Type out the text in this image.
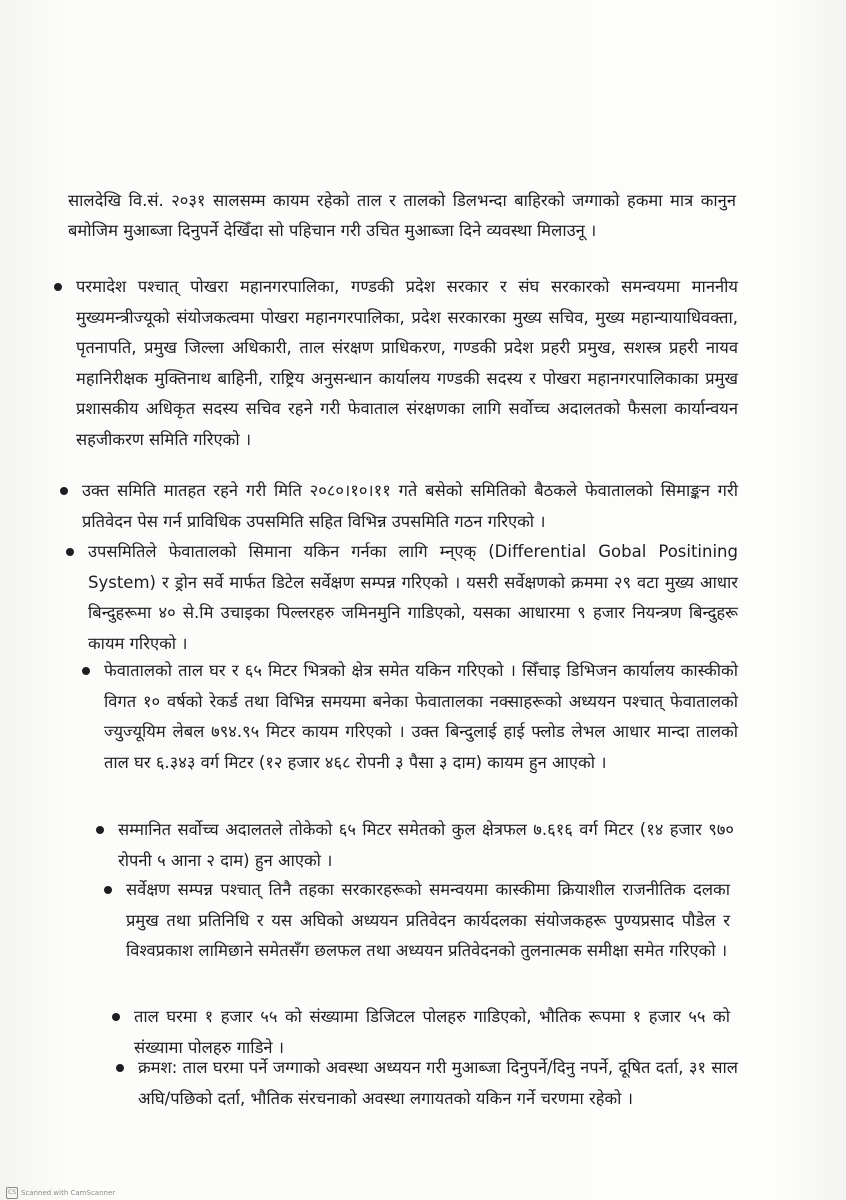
सालदेखि वि.सं. २०३१ सालसम्म कायम रहेको ताल र तालको डिलभन्दा बाहिरको जग्गाको हकमा मात्र कानुन बमोजिम मुआब्जा दिनुपर्ने देखिँदा सो पहिचान गरी उचित मुआब्जा दिने व्यवस्था मिलाउनू ।

परमादेश पश्चात् पोखरा महानगरपालिका, गण्डकी प्रदेश सरकार र संघ सरकारको समन्वयमा माननीय मुख्यमन्त्रीज्यूको संयोजकत्वमा पोखरा महानगरपालिका, प्रदेश सरकारका मुख्य सचिव, मुख्य महान्यायाधिवक्ता, पृतनापति, प्रमुख जिल्ला अधिकारी, ताल संरक्षण प्राधिकरण, गण्डकी प्रदेश प्रहरी प्रमुख, सशस्त्र प्रहरी नायव महानिरीक्षक मुक्तिनाथ बाहिनी, राष्ट्रिय अनुसन्धान कार्यालय गण्डकी सदस्य र पोखरा महानगरपालिकाका प्रमुख प्रशासकीय अधिकृत सदस्य सचिव रहने गरी फेवाताल संरक्षणका लागि सर्वोच्च अदालतको फैसला कार्यान्वयन सहजीकरण समिति गरिएको ।
उक्त समिति मातहत रहने गरी मिति २०८०।१०।११ गते बसेको समितिको बैठकले फेवातालको सिमाङ्कन गरी प्रतिवेदन पेस गर्न प्राविधिक उपसमिति सहित विभिन्न उपसमिति गठन गरिएको ।
उपसमितिले फेवातालको सिमाना यकिन गर्नका लागि म्न्एक् (Differential Gobal Positining System) र ड्रोन सर्वे मार्फत डिटेल सर्वेक्षण सम्पन्न गरिएको । यसरी सर्वेक्षणको क्रममा २९ वटा मुख्य आधार बिन्दुहरूमा ४० से.मि उचाइका पिल्लरहरु जमिनमुनि गाडिएको, यसका आधारमा ९ हजार नियन्त्रण बिन्दुहरू कायम गरिएको ।
फेवातालको ताल घर र ६५ मिटर भित्रको क्षेत्र समेत यकिन गरिएको । सिँचाइ डिभिजन कार्यालय कास्कीको विगत १० वर्षको रेकर्ड तथा विभिन्न समयमा बनेका फेवातालका नक्साहरूको अध्ययन पश्चात् फेवातालको ज्युज्यूयिम लेबल ७९४.९५ मिटर कायम गरिएको । उक्त बिन्दुलाई हाई फ्लोड लेभल आधार मान्दा तालको ताल घर ६.३४३ वर्ग मिटर (१२ हजार ४६८ रोपनी ३ पैसा ३ दाम) कायम हुन आएको ।
सम्मानित सर्वोच्च अदालतले तोकेको ६५ मिटर समेतको कुल क्षेत्रफल ७.६१६ वर्ग मिटर (१४ हजार ९७० रोपनी ५ आना २ दाम) हुन आएको ।
सर्वेक्षण सम्पन्न पश्चात् तिनै तहका सरकारहरूको समन्वयमा कास्कीमा क्रियाशील राजनीतिक दलका प्रमुख तथा प्रतिनिधि र यस अघिको अध्ययन प्रतिवेदन कार्यदलका संयोजकहरू पुण्यप्रसाद पौडेल र विश्वप्रकाश लामिछाने समेतसँग छलफल तथा अध्ययन प्रतिवेदनको तुलनात्मक समीक्षा समेत गरिएको ।
ताल घरमा १ हजार ५५ को संख्यामा डिजिटल पोलहरु गाडिएको, भौतिक रूपमा १ हजार ५५ को संख्यामा पोलहरु गाडिने ।
क्रमश: ताल घरमा पर्ने जग्गाको अवस्था अध्ययन गरी मुआब्जा दिनुपर्ने/दिनु नपर्ने, दूषित दर्ता, ३१ साल अघि/पछिको दर्ता, भौतिक संरचनाको अवस्था लगायतको यकिन गर्ने चरणमा रहेको ।
CS Scanned with CamScanner
